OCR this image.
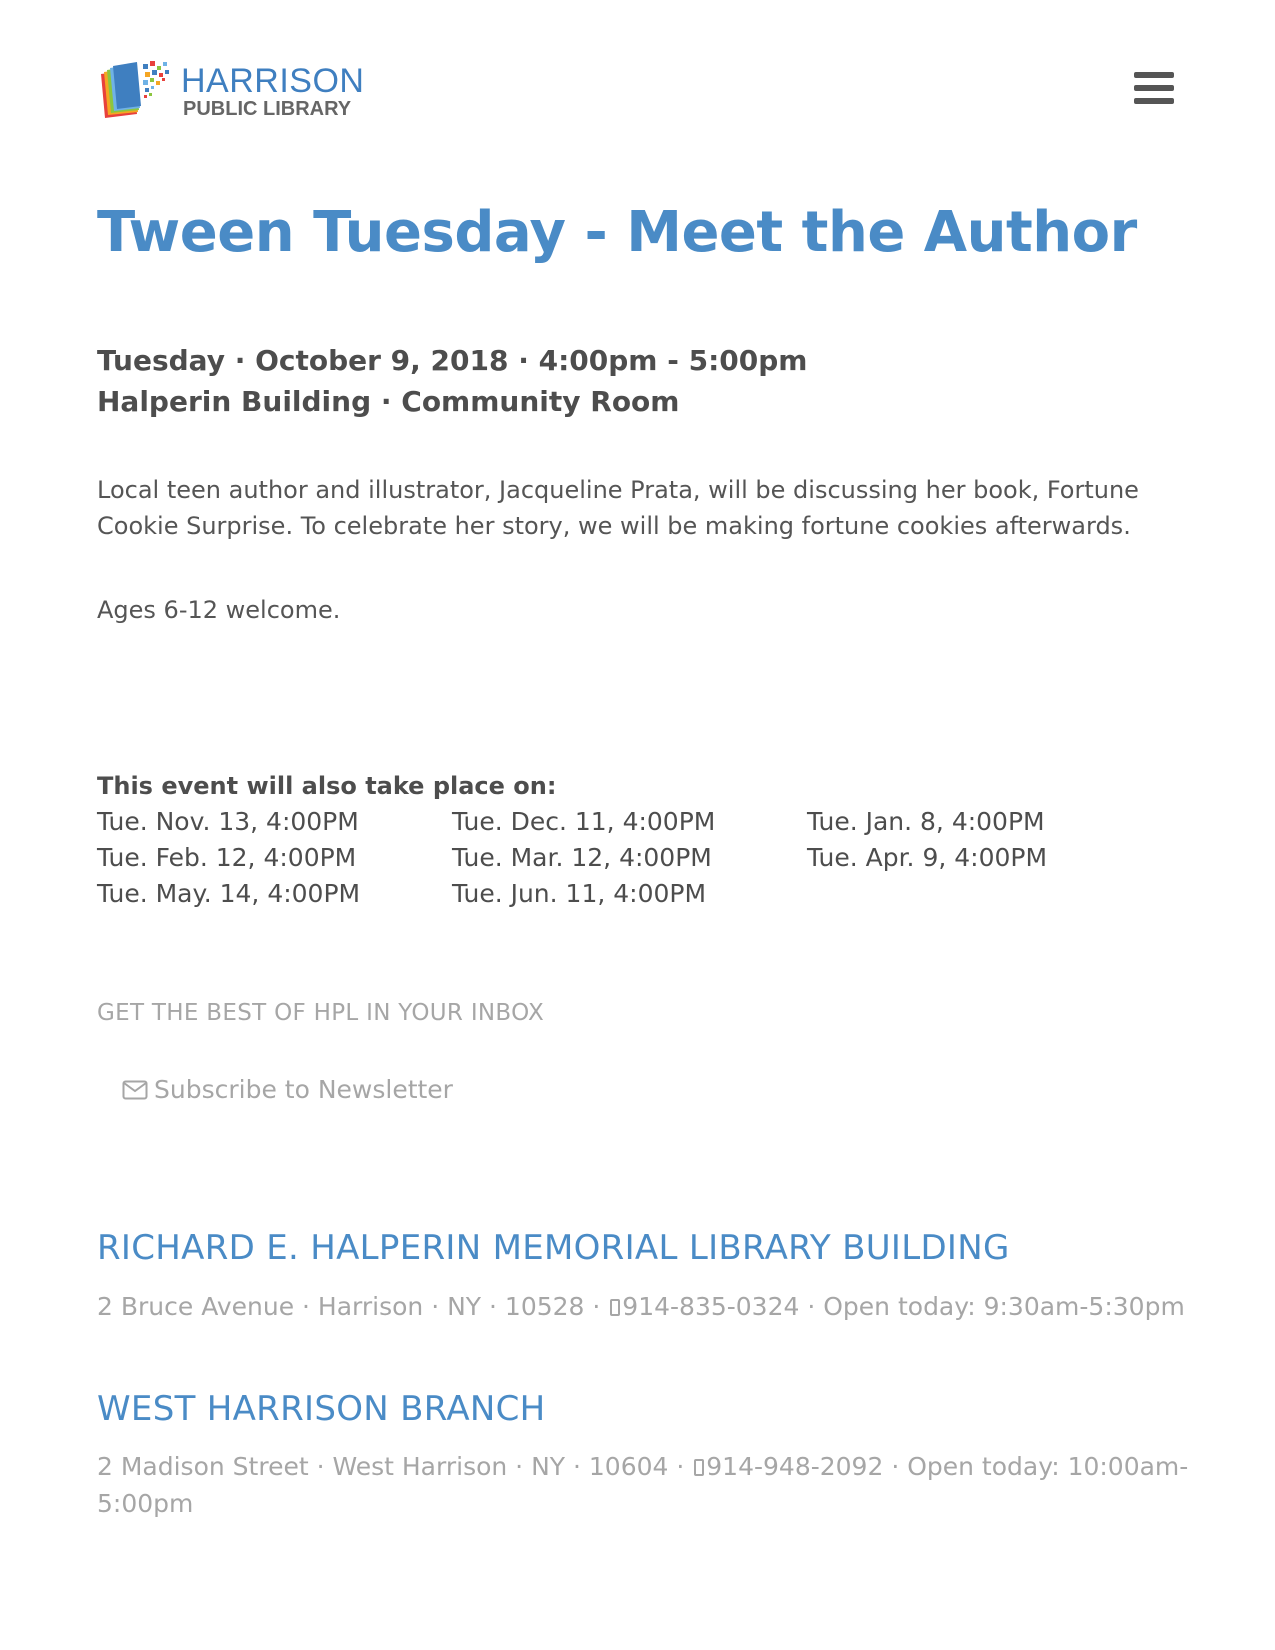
HARRISON
PUBLIC LIBRARY
Tween Tuesday - Meet the Author
Tuesday · October 9, 2018 · 4:00pm - 5:00pm
Halperin Building · Community Room

Local teen author and illustrator, Jacqueline Prata, will be discussing her book, Fortune Cookie Surprise. To celebrate her story, we will be making fortune cookies afterwards.

Ages 6-12 welcome.

This event will also take place on:
Tue. Nov. 13, 4:00PM	Tue. Dec. 11, 4:00PM	Tue. Jan. 8, 4:00PM
Tue. Feb. 12, 4:00PM	Tue. Mar. 12, 4:00PM	Tue. Apr. 9, 4:00PM
Tue. May. 14, 4:00PM	Tue. Jun. 11, 4:00PM
GET THE BEST OF HPL IN YOUR INBOX
Subscribe to Newsletter
RICHARD E. HALPERIN MEMORIAL LIBRARY BUILDING
2 Bruce Avenue · Harrison · NY · 10528 · 914-835-0324 · Open today: 9:30am-5:30pm
WEST HARRISON BRANCH
2 Madison Street · West Harrison · NY · 10604 · 914-948-2092 · Open today: 10:00am-5:00pm
